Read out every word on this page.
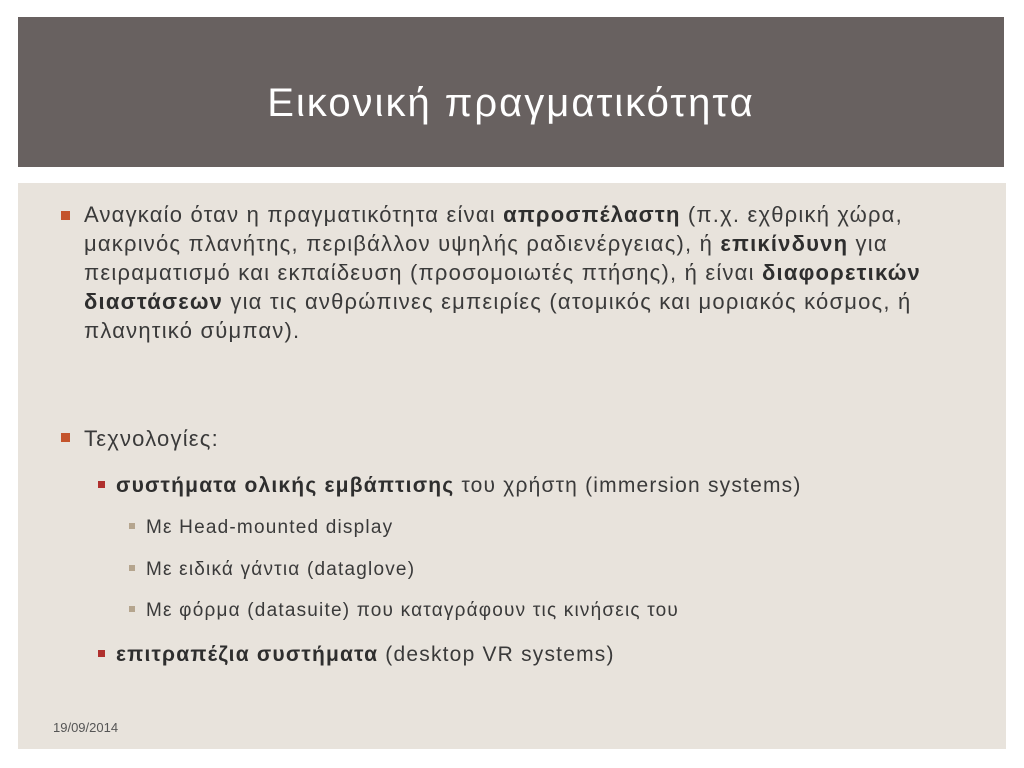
Εικονική πραγματικότητα
Αναγκαίο όταν η πραγματικότητα είναι απροσπέλαστη (π.χ. εχθρική χώρα, μακρινός πλανήτης, περιβάλλον υψηλής ραδιενέργειας), ή επικίνδυνη για πειραματισμό και εκπαίδευση (προσομοιωτές πτήσης), ή είναι διαφορετικών διαστάσεων για τις ανθρώπινες εμπειρίες (ατομικός και μοριακός κόσμος, ή πλανητικό σύμπαν).
Τεχνολογίες:
συστήματα ολικής εμβάπτισης του χρήστη (immersion systems)
Με Head-mounted display
Με ειδικά γάντια (dataglove)
Με φόρμα (datasuite) που καταγράφουν τις κινήσεις του
επιτραπέζια συστήματα (desktop VR systems)
19/09/2014
